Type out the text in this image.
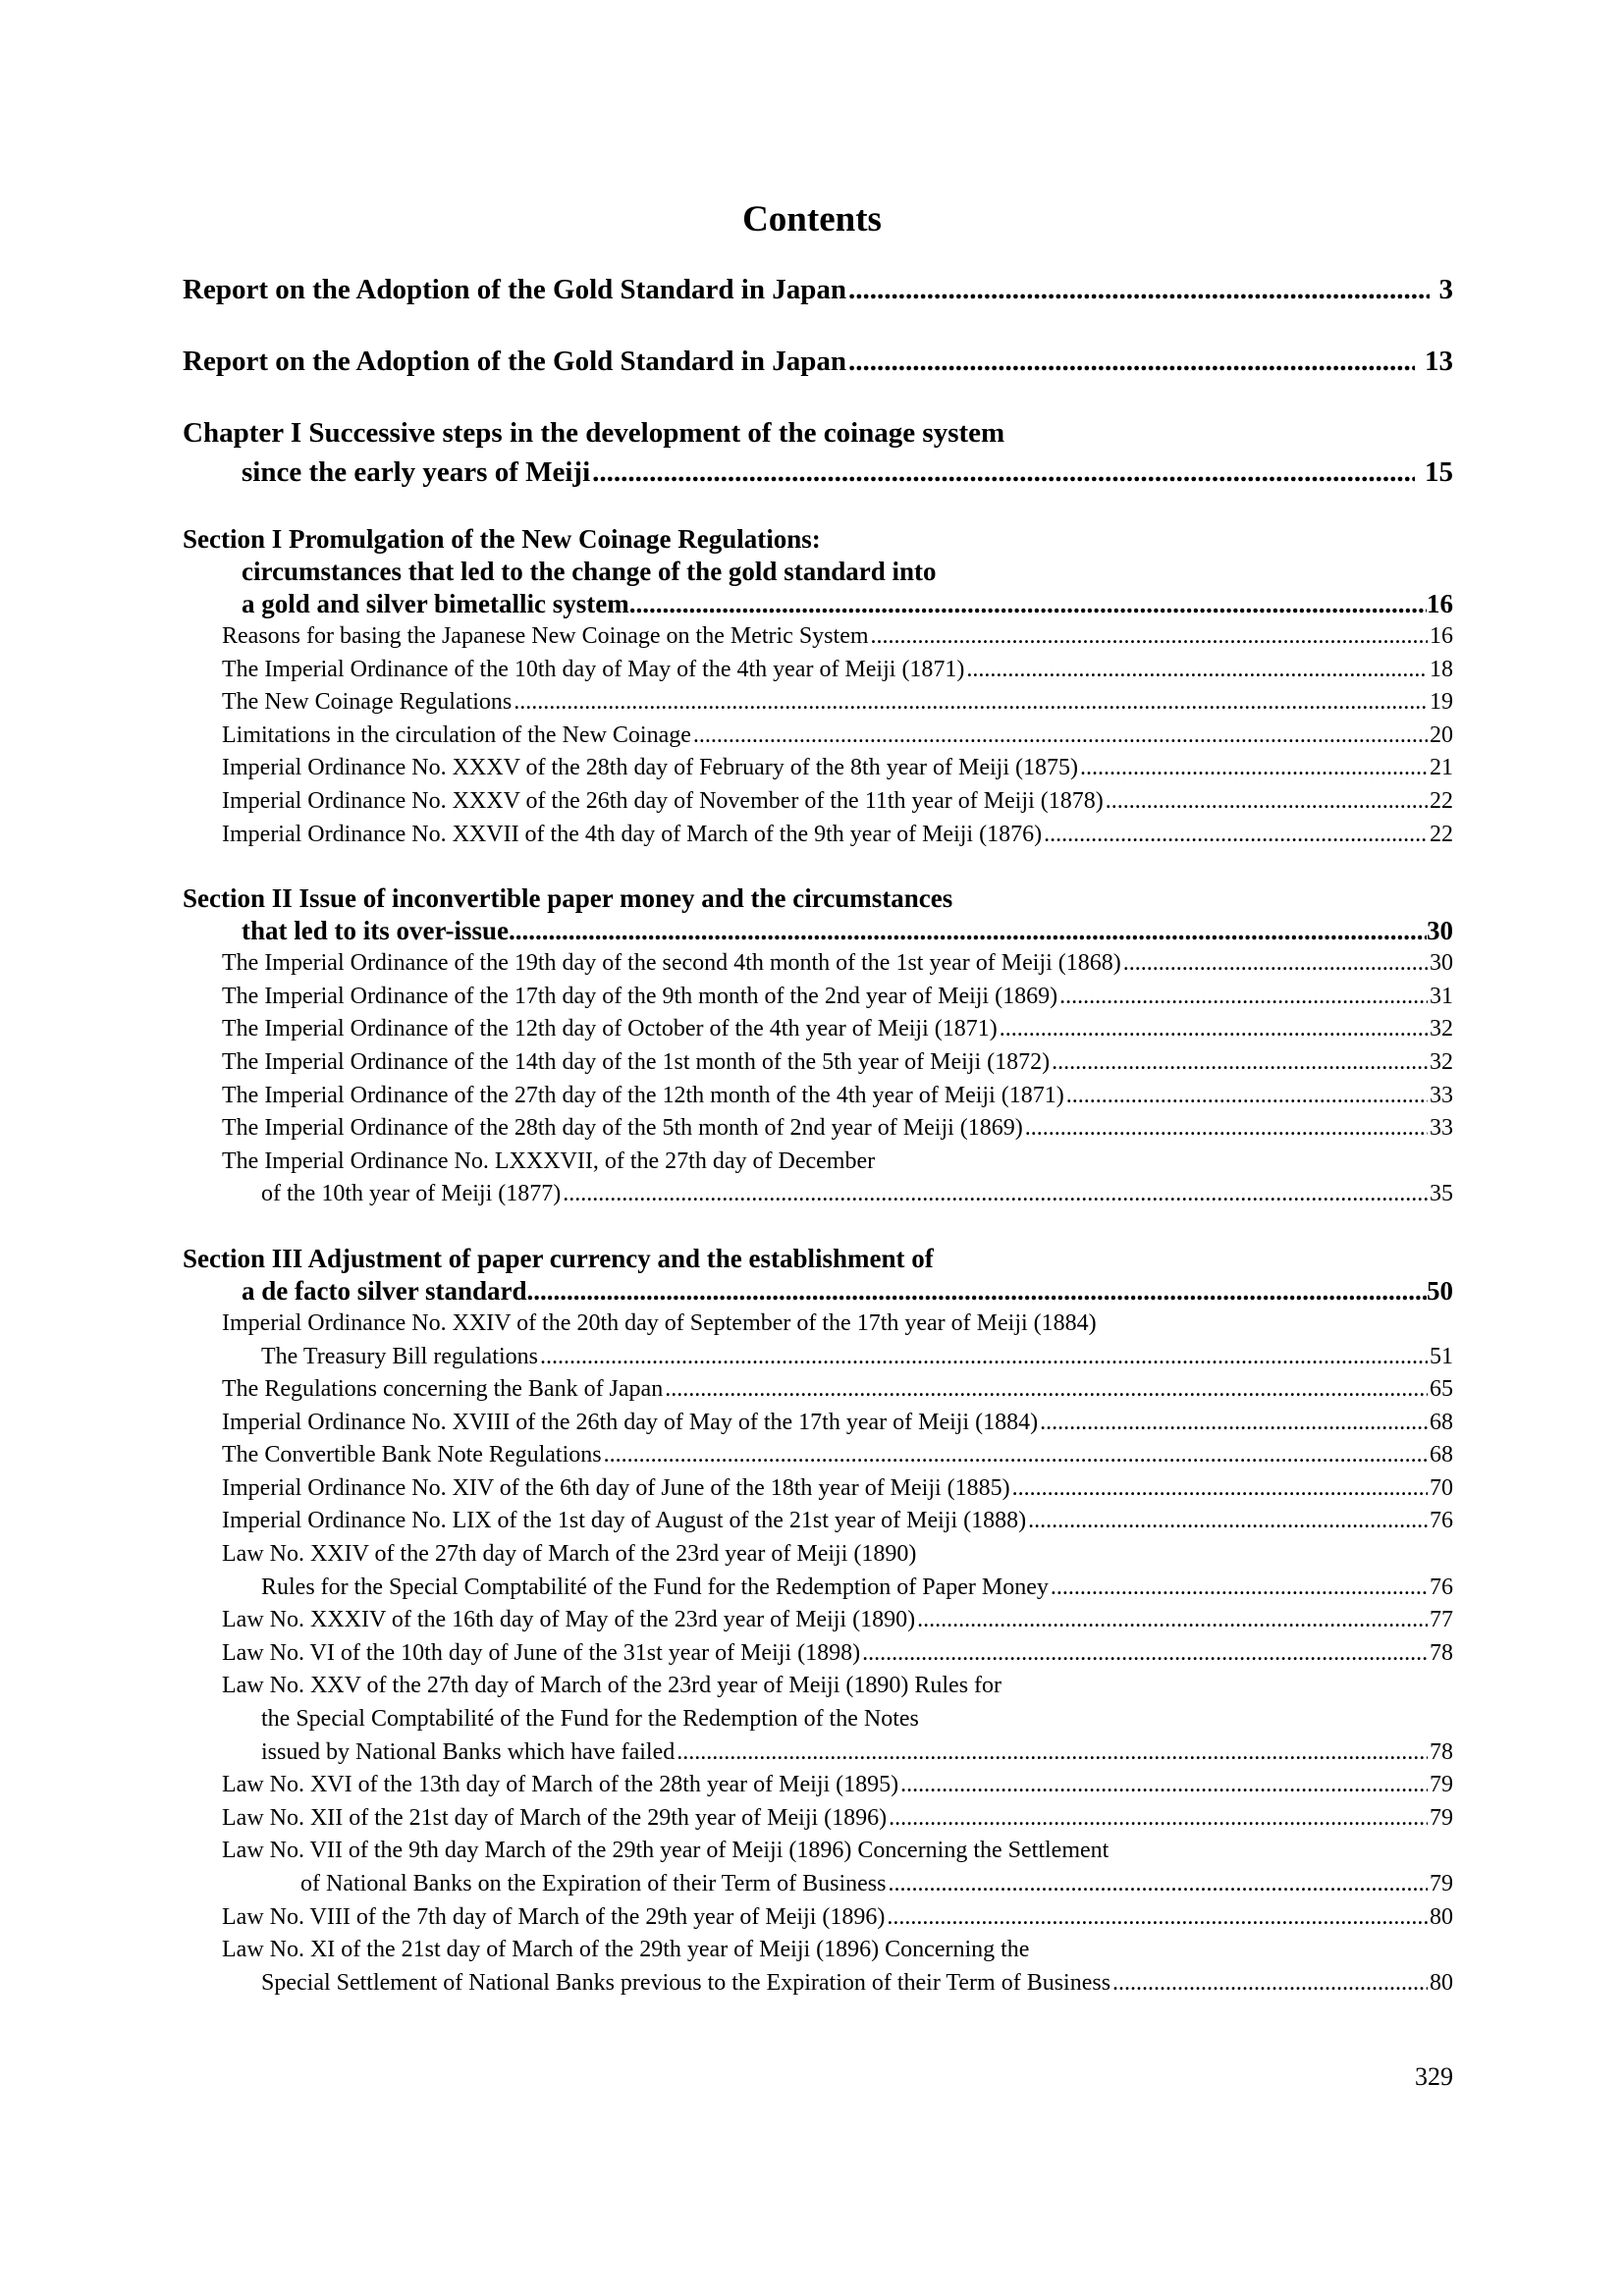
Contents
Report on the Adoption of the Gold Standard in Japan .....	3
Report on the Adoption of the Gold Standard in Japan .....	13
Chapter I Successive steps in the development of the coinage system
since the early years of Meiji .....	15
Section I Promulgation of the New Coinage Regulations:
circumstances that led to the change of the gold standard into
a gold and silver bimetallic system .....	16
Reasons for basing the Japanese New Coinage on the Metric System .....	16
The Imperial Ordinance of the 10th day of May of the 4th year of Meiji (1871) .....	18
The New Coinage Regulations .....	19
Limitations in the circulation of the New Coinage .....	20
Imperial Ordinance No. XXXV of the 28th day of February of the 8th year of Meiji (1875) .....	21
Imperial Ordinance No. XXXV of the 26th day of November of the 11th year of Meiji (1878) .....	22
Imperial Ordinance No. XXVII of the 4th day of March of the 9th year of Meiji (1876) .....	22
Section II Issue of inconvertible paper money and the circumstances
that led to its over-issue .....	30
The Imperial Ordinance of the 19th day of the second 4th month of the 1st year of Meiji (1868) .....	30
The Imperial Ordinance of the 17th day of the 9th month of the 2nd year of Meiji (1869) .....	31
The Imperial Ordinance of the 12th day of October of the 4th year of Meiji (1871) .....	32
The Imperial Ordinance of the 14th day of the 1st month of the 5th year of Meiji (1872) .....	32
The Imperial Ordinance of the 27th day of the 12th month of the 4th year of Meiji (1871) .....	33
The Imperial Ordinance of the 28th day of the 5th month of 2nd year of Meiji (1869) .....	33
The Imperial Ordinance No. LXXXVII, of the 27th day of December
of the 10th year of Meiji (1877) .....	35
Section III Adjustment of paper currency and the establishment of
a de facto silver standard .....	50
Imperial Ordinance No. XXIV of the 20th day of September of the 17th year of Meiji (1884)
The Treasury Bill regulations .....	51
The Regulations concerning the Bank of Japan .....	65
Imperial Ordinance No. XVIII of the 26th day of May of the 17th year of Meiji (1884) .....	68
The Convertible Bank Note Regulations .....	68
Imperial Ordinance No. XIV of the 6th day of June of the 18th year of Meiji (1885) .....	70
Imperial Ordinance No. LIX of the 1st day of August of the 21st year of Meiji (1888) .....	76
Law No. XXIV of the 27th day of March of the 23rd year of Meiji (1890)
Rules for the Special Comptabilité of the Fund for the Redemption of Paper Money .....	76
Law No. XXXIV of the 16th day of May of the 23rd year of Meiji (1890) .....	77
Law No. VI of the 10th day of June of the 31st year of Meiji (1898) .....	78
Law No. XXV of the 27th day of March of the 23rd year of Meiji (1890) Rules for
the Special Comptabilité of the Fund for the Redemption of the Notes
issued by National Banks which have failed .....	78
Law No. XVI of the 13th day of March of the 28th year of Meiji (1895) .....	79
Law No. XII of the 21st day of March of the 29th year of Meiji (1896) .....	79
Law No. VII of the 9th day March of the 29th year of Meiji (1896) Concerning the Settlement
of National Banks on the Expiration of their Term of Business .....	79
Law No. VIII of the 7th day of March of the 29th year of Meiji (1896) .....	80
Law No. XI of the 21st day of March of the 29th year of Meiji (1896) Concerning the
Special Settlement of National Banks previous to the Expiration of their Term of Business .....	80
329
